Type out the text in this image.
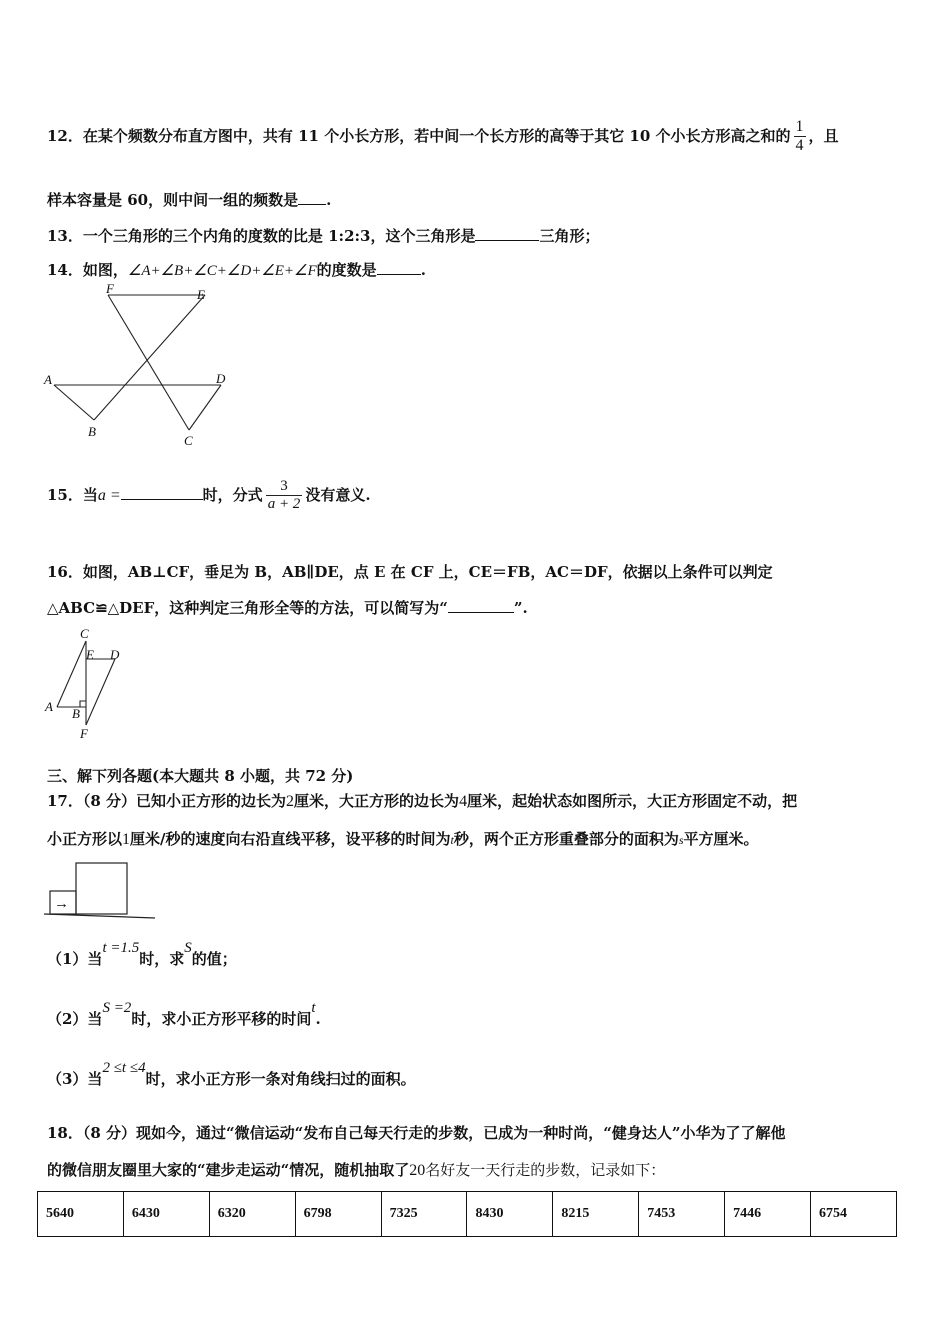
12．在某个频数分布直方图中，共有 11 个小长方形，若中间一个长方形的高等于其它 10 个小长方形高之和的 $\frac{1}{4}$ ，且
样本容量是 60，则中间一组的频数是 .
13．一个三角形的三个内角的度数的比是 1:2:3，这个三角形是	三角形；
14．如图，∠A+∠B+∠C+∠D+∠E+∠F的度数是	.
F	E
A	D
B
C
15．当a =	时，分式 $\frac{3}{a + 2}$ 没有意义.
16．如图，AB⊥CF，垂足为 B，AB∥DE，点 E 在 CF 上，CE＝FB，AC＝DF，依据以上条件可以判定
△ABC≌△DEF，这种判定三角形全等的方法，可以简写为“	”.
C
E D
A B
F
三、解下列各题(本大题共 8 小题，共 72 分)
17．（8 分）已知小正方形的边长为2厘米，大正方形的边长为4厘米，起始状态如图所示，大正方形固定不动，把
小正方形以1厘米/秒的速度向右沿直线平移，设平移的时间为t秒，两个正方形重叠部分的面积为s平方厘米。
→
（1）当t =1.5时，求S的值；
（2）当S =2时，求小正方形平移的时间t.
（3）当2 ≤t ≤4时，求小正方形一条对角线扫过的面积。
18．（8 分）现如今，通过“微信运动“发布自己每天行走的步数，已成为一种时尚，“健身达人”小华为了了解他
的微信朋友圈里大家的“建步走运动“情况，随机抽取了20名好友一天行走的步数，记录如下：
5640	6430	6320	6798	7325	8430	8215	7453	7446	6754
